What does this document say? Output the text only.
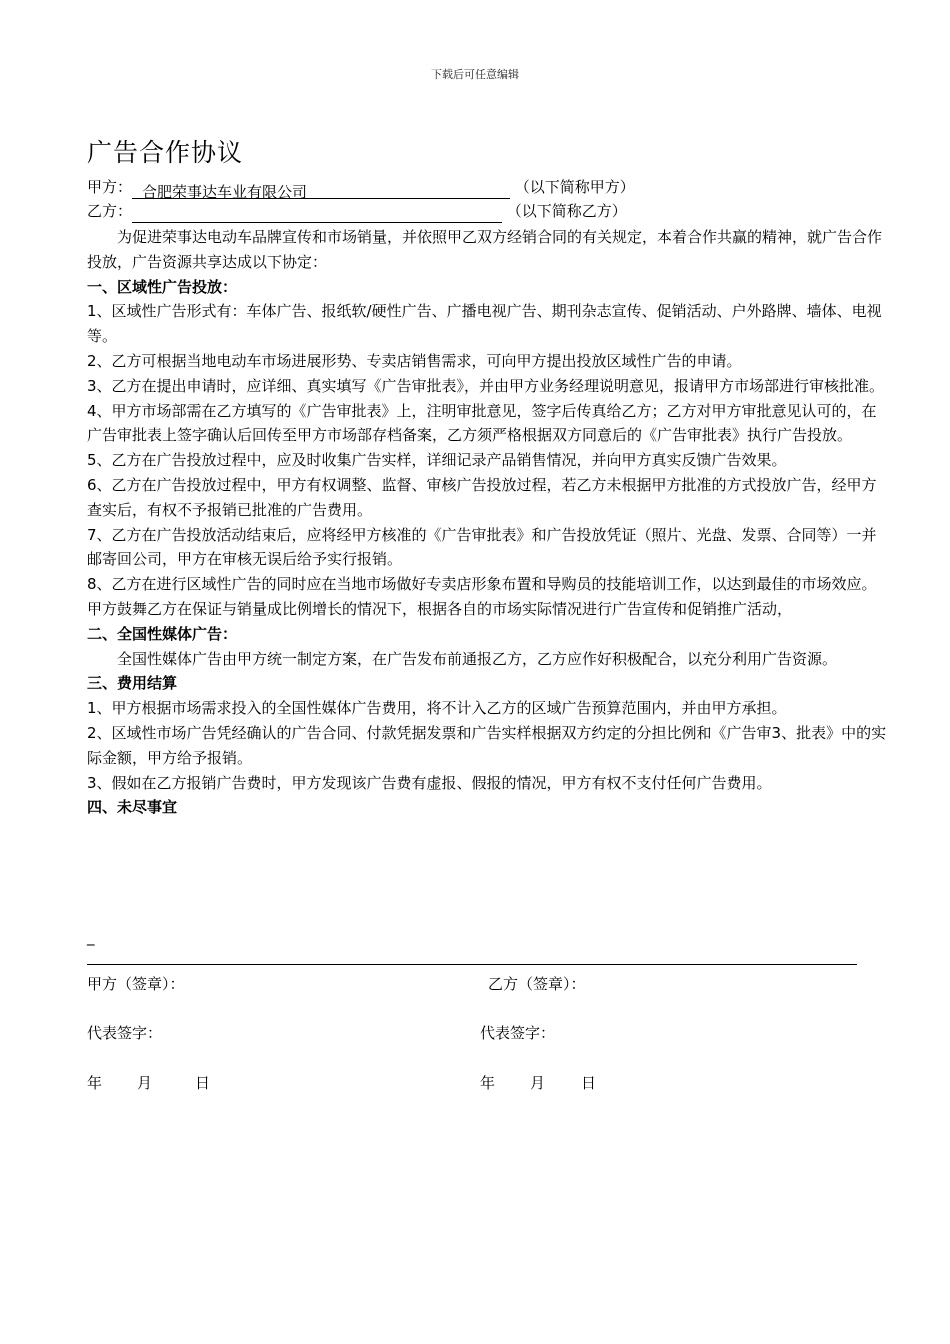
下载后可任意编辑
广告合作协议
甲方： 合肥荣事达车业有限公司	（以下简称甲方）
乙方：	（以下简称乙方）

为促进荣事达电动车品牌宣传和市场销量，并依照甲乙双方经销合同的有关规定，本着合作共赢的精神，就广告合作投放，广告资源共享达成以下协定：

一、区域性广告投放：

1、区域性广告形式有：车体广告、报纸软/硬性广告、广播电视广告、期刊杂志宣传、促销活动、户外路牌、墙体、电视等。

2、乙方可根据当地电动车市场进展形势、专卖店销售需求，可向甲方提出投放区域性广告的申请。

3、乙方在提出申请时，应详细、真实填写《广告审批表》，并由甲方业务经理说明意见，报请甲方市场部进行审核批准。

4、甲方市场部需在乙方填写的《广告审批表》上，注明审批意见，签字后传真给乙方；乙方对甲方审批意见认可的，在广告审批表上签字确认后回传至甲方市场部存档备案，乙方须严格根据双方同意后的《广告审批表》执行广告投放。

5、乙方在广告投放过程中，应及时收集广告实样，详细记录产品销售情况，并向甲方真实反馈广告效果。

6、乙方在广告投放过程中，甲方有权调整、监督、审核广告投放过程，若乙方未根据甲方批准的方式投放广告，经甲方查实后，有权不予报销已批准的广告费用。

7、乙方在广告投放活动结束后，应将经甲方核准的《广告审批表》和广告投放凭证（照片、光盘、发票、合同等）一并邮寄回公司，甲方在审核无误后给予实行报销。

8、乙方在进行区域性广告的同时应在当地市场做好专卖店形象布置和导购员的技能培训工作，以达到最佳的市场效应。甲方鼓舞乙方在保证与销量成比例增长的情况下，根据各自的市场实际情况进行广告宣传和促销推广活动，

二、全国性媒体广告：

全国性媒体广告由甲方统一制定方案，在广告发布前通报乙方，乙方应作好积极配合，以充分利用广告资源。

三、费用结算

1、甲方根据市场需求投入的全国性媒体广告费用，将不计入乙方的区域广告预算范围内，并由甲方承担。

2、区域性市场广告凭经确认的广告合同、付款凭据发票和广告实样根据双方约定的分担比例和《广告审3、批表》中的实际金额，甲方给予报销。

3、假如在乙方报销广告费时，甲方发现该广告费有虚报、假报的情况，甲方有权不支付任何广告费用。

四、未尽事宜

_
甲方（签章）：	乙方（签章）：
代表签字：	代表签字：
年 月	日	年 月 日
